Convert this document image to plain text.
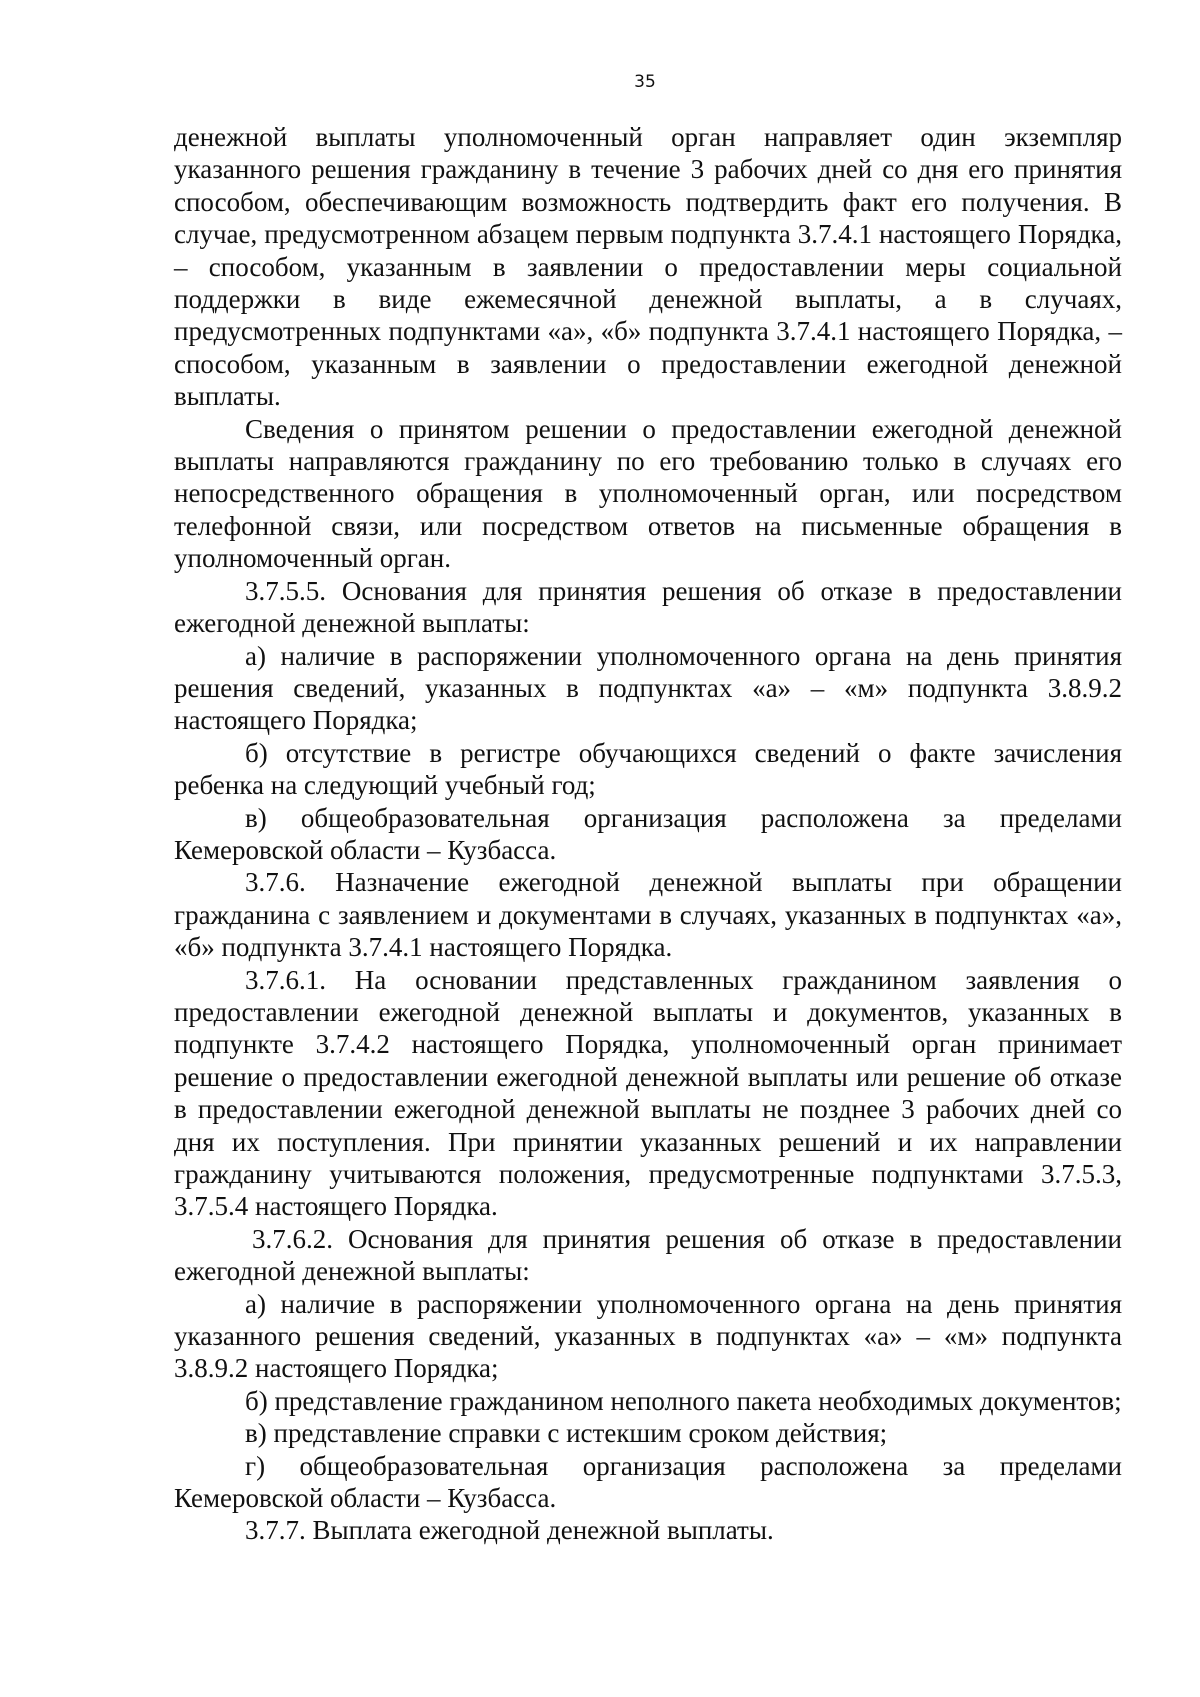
35

денежной выплаты уполномоченный орган направляет один экземпляр указанного решения гражданину в течение 3 рабочих дней со дня его принятия способом, обеспечивающим возможность подтвердить факт его получения. В случае, предусмотренном абзацем первым подпункта 3.7.4.1 настоящего Порядка, – способом, указанным в заявлении о предоставлении меры социальной поддержки в виде ежемесячной денежной выплаты, а в случаях, предусмотренных подпунктами «а», «б» подпункта 3.7.4.1 настоящего Порядка, – способом, указанным в заявлении о предоставлении ежегодной денежной выплаты.

Сведения о принятом решении о предоставлении ежегодной денежной выплаты направляются гражданину по его требованию только в случаях его непосредственного обращения в уполномоченный орган, или посредством телефонной связи, или посредством ответов на письменные обращения в уполномоченный орган.

3.7.5.5. Основания для принятия решения об отказе в предоставлении ежегодной денежной выплаты:

а) наличие в распоряжении уполномоченного органа на день принятия решения сведений, указанных в подпунктах «а» – «м» подпункта 3.8.9.2 настоящего Порядка;

б) отсутствие в регистре обучающихся сведений о факте зачисления ребенка на следующий учебный год;

в) общеобразовательная организация расположена за пределами Кемеровской области – Кузбасса.

3.7.6. Назначение ежегодной денежной выплаты при обращении гражданина с заявлением и документами в случаях, указанных в подпунктах «а», «б» подпункта 3.7.4.1 настоящего Порядка.

3.7.6.1. На основании представленных гражданином заявления о предоставлении ежегодной денежной выплаты и документов, указанных в подпункте 3.7.4.2 настоящего Порядка, уполномоченный орган принимает решение о предоставлении ежегодной денежной выплаты или решение об отказе в предоставлении ежегодной денежной выплаты не позднее 3 рабочих дней со дня их поступления. При принятии указанных решений и их направлении гражданину учитываются положения, предусмотренные подпунктами 3.7.5.3, 3.7.5.4 настоящего Порядка.

3.7.6.2. Основания для принятия решения об отказе в предоставлении ежегодной денежной выплаты:

а) наличие в распоряжении уполномоченного органа на день принятия указанного решения сведений, указанных в подпунктах «а» – «м» подпункта 3.8.9.2 настоящего Порядка;

б) представление гражданином неполного пакета необходимых документов;

в) представление справки с истекшим сроком действия;

г) общеобразовательная организация расположена за пределами Кемеровской области – Кузбасса.

3.7.7. Выплата ежегодной денежной выплаты.
